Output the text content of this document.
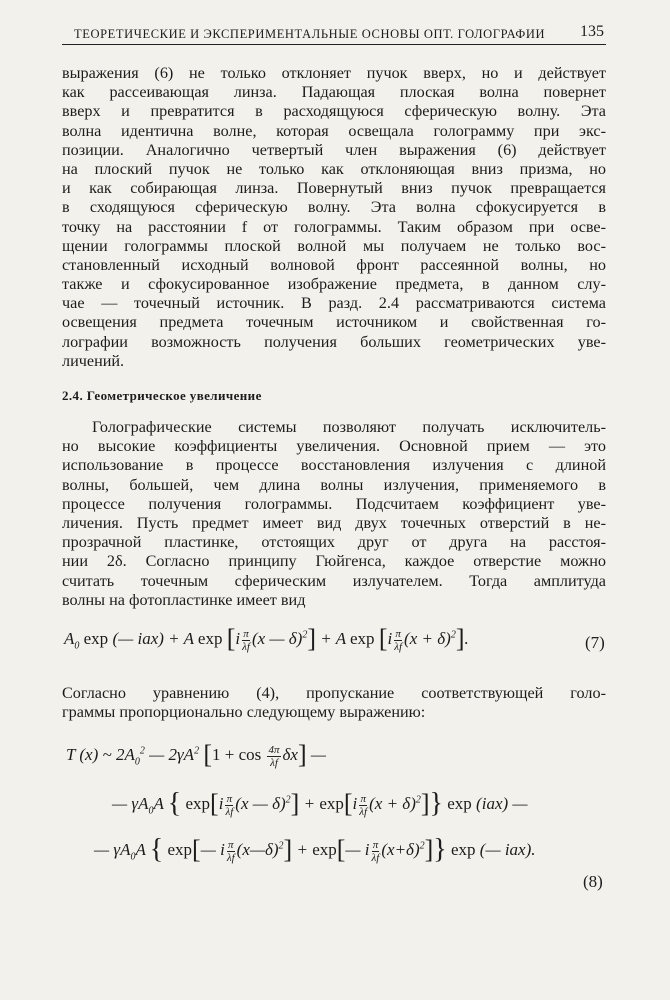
ТЕОРЕТИЧЕСКИЕ И ЭКСПЕРИМЕНТАЛЬНЫЕ ОСНОВЫ ОПТ. ГОЛОГРАФИИ 135
выражения (6) не только отклоняет пучок вверх, но и действует
как рассеивающая линза. Падающая плоская волна повернет
вверх и превратится в расходящуюся сферическую волну. Эта
волна идентична волне, которая освещала голограмму при экс-
позиции. Аналогично четвертый член выражения (6) действует
на плоский пучок не только как отклоняющая вниз призма, но
и как собирающая линза. Повернутый вниз пучок превращается
в сходящуюся сферическую волну. Эта волна сфокусируется в
точку на расстоянии f от голограммы. Таким образом при осве-
щении голограммы плоской волной мы получаем не только вос-
становленный исходный волновой фронт рассеянной волны, но
также и сфокусированное изображение предмета, в данном слу-
чае — точечный источник. В разд. 2.4 рассматриваются система
освещения предмета точечным источником и свойственная го-
лографии возможность получения больших геометрических уве-
личений.
2.4. Геометрическое увеличение
Голографические системы позволяют получать исключитель-
но высокие коэффициенты увеличения. Основной прием — это
использование в процессе восстановления излучения с длиной
волны, большей, чем длина волны излучения, применяемого в
процессе получения голограммы. Подсчитаем коэффициент уве-
личения. Пусть предмет имеет вид двух точечных отверстий в не-
прозрачной пластинке, отстоящих друг от друга на расстоя-
нии 2δ. Согласно принципу Гюйгенса, каждое отверстие можно
считать точечным сферическим излучателем. Тогда амплитуда
волны на фотопластинке имеет вид
$A_0$ exp (— iax) + A $\exp [i \frac{\pi}{\lambda f} (x$ — δ)$^2$] + A $\exp [i \frac{\pi}{\lambda f} (x + \delta)^2]$.	(7)
Согласно уравнению (4), пропускание соответствующей голо-
граммы пропорционально следующему выражению:
T (x) ~ $2A_0^2$ — $2\gamma A^2$ $[1 + \cos \frac{4\pi}{\lambda f} \delta x]$ —
— $\gamma A_0A$ { $\exp[i \frac{\pi}{\lambda f} (x$ — $\delta)^2] + \exp[i \frac{\pi}{\lambda f} (x + \delta)^2]$} exp (iax) —
— $\gamma A_0A$ { exp[— i $\frac{\pi}{\lambda f}$ (x—δ)$^2$] + exp[— i $\frac{\pi}{\lambda f} (x+\delta)^2$]} exp (— iax).
(8)
